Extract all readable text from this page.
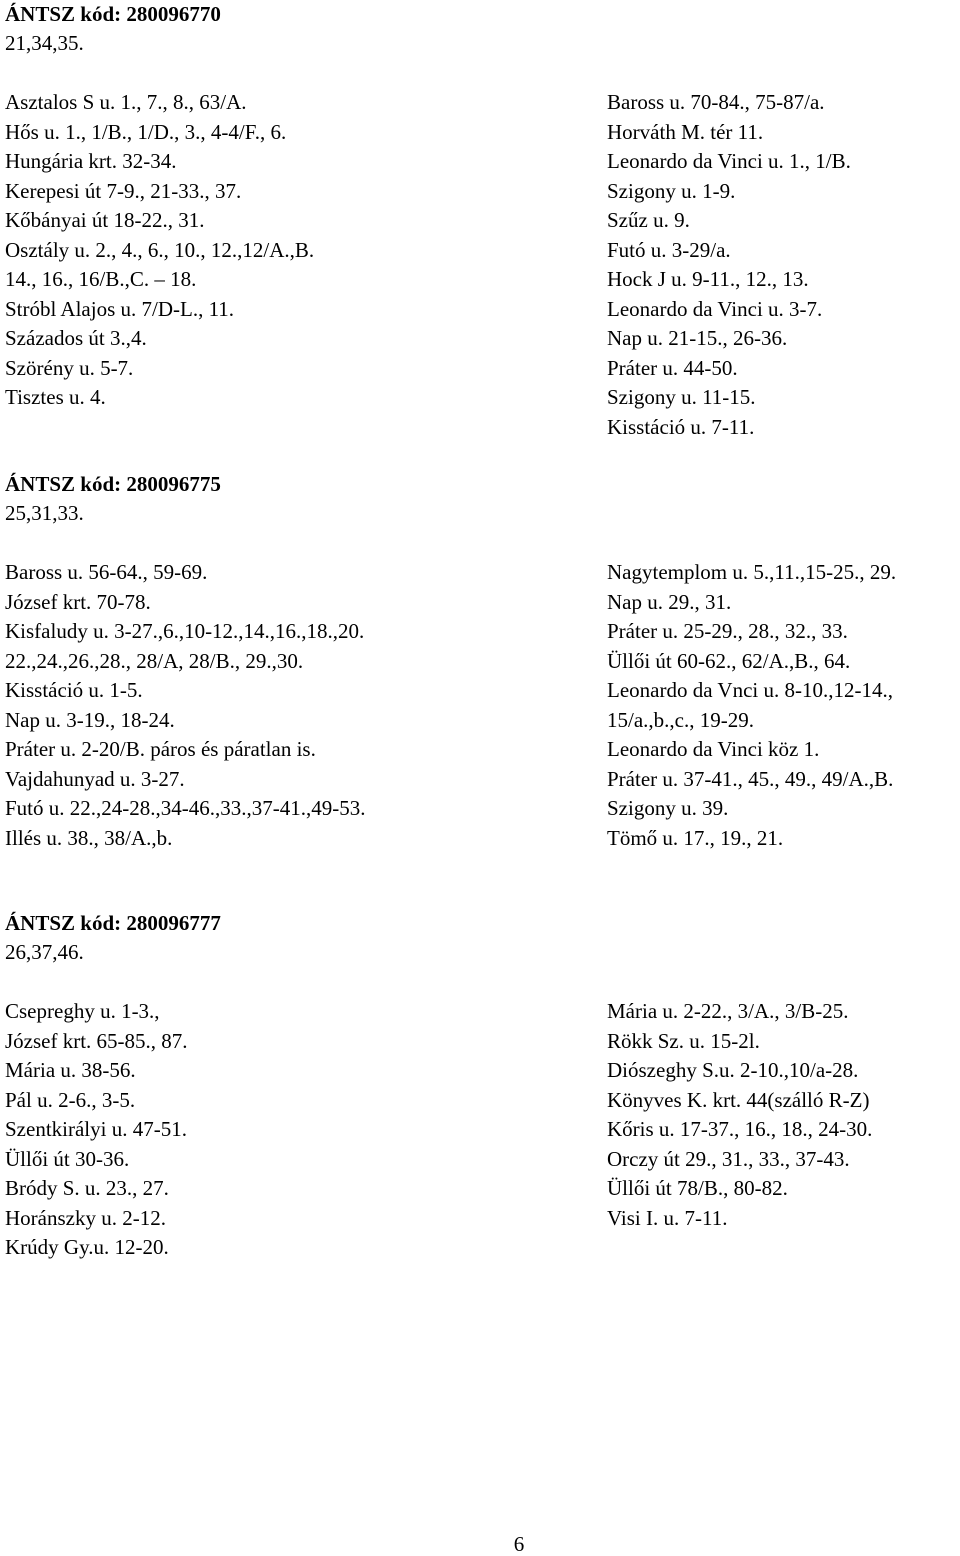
ÁNTSZ kód: 280096770
21,34,35.
Asztalos S u. 1., 7., 8., 63/A.
Hős u. 1., 1/B., 1/D., 3., 4-4/F., 6.
Hungária krt. 32-34.
Kerepesi út 7-9., 21-33., 37.
Kőbányai út 18-22., 31.
Osztály u. 2., 4., 6., 10., 12.,12/A.,B.
14., 16., 16/B.,C. – 18.
Stróbl Alajos u. 7/D-L., 11.
Százados út 3.,4.
Szörény u. 5-7.
Tisztes u. 4.
Baross u. 70-84., 75-87/a.
Horváth M. tér 11.
Leonardo da Vinci u. 1., 1/B.
Szigony u. 1-9.
Szűz u. 9.
Futó u. 3-29/a.
Hock J u. 9-11., 12., 13.
Leonardo da Vinci u. 3-7.
Nap u. 21-15., 26-36.
Práter u. 44-50.
Szigony u. 11-15.
Kisstáció u. 7-11.
ÁNTSZ kód: 280096775
25,31,33.
Baross u. 56-64., 59-69.
József krt. 70-78.
Kisfaludy u. 3-27.,6.,10-12.,14.,16.,18.,20.
22.,24.,26.,28., 28/A, 28/B., 29.,30.
Kisstáció u. 1-5.
Nap u. 3-19., 18-24.
Práter u. 2-20/B. páros és páratlan is.
Vajdahunyad u. 3-27.
Futó u. 22.,24-28.,34-46.,33.,37-41.,49-53.
Illés u. 38., 38/A.,b.
Nagytemplom u. 5.,11.,15-25., 29.
Nap u. 29., 31.
Práter u. 25-29., 28., 32., 33.
Üllői út 60-62., 62/A.,B., 64.
Leonardo da Vnci u. 8-10.,12-14.,
15/a.,b.,c., 19-29.
Leonardo da Vinci köz 1.
Práter u. 37-41., 45., 49., 49/A.,B.
Szigony u. 39.
Tömő u. 17., 19., 21.
ÁNTSZ kód: 280096777
26,37,46.
Csepreghy u. 1-3.,
József krt. 65-85., 87.
Mária u. 38-56.
Pál u. 2-6., 3-5.
Szentkirályi u. 47-51.
Üllői út 30-36.
Bródy S. u. 23., 27.
Horánszky u. 2-12.
Krúdy Gy.u. 12-20.
Mária u. 2-22., 3/A., 3/B-25.
Rökk Sz. u. 15-2l.
Diószeghy S.u. 2-10.,10/a-28.
Könyves K. krt. 44(szálló R-Z)
Kőris u. 17-37., 16., 18., 24-30.
Orczy út 29., 31., 33., 37-43.
Üllői út 78/B., 80-82.
Visi I. u. 7-11.
6
